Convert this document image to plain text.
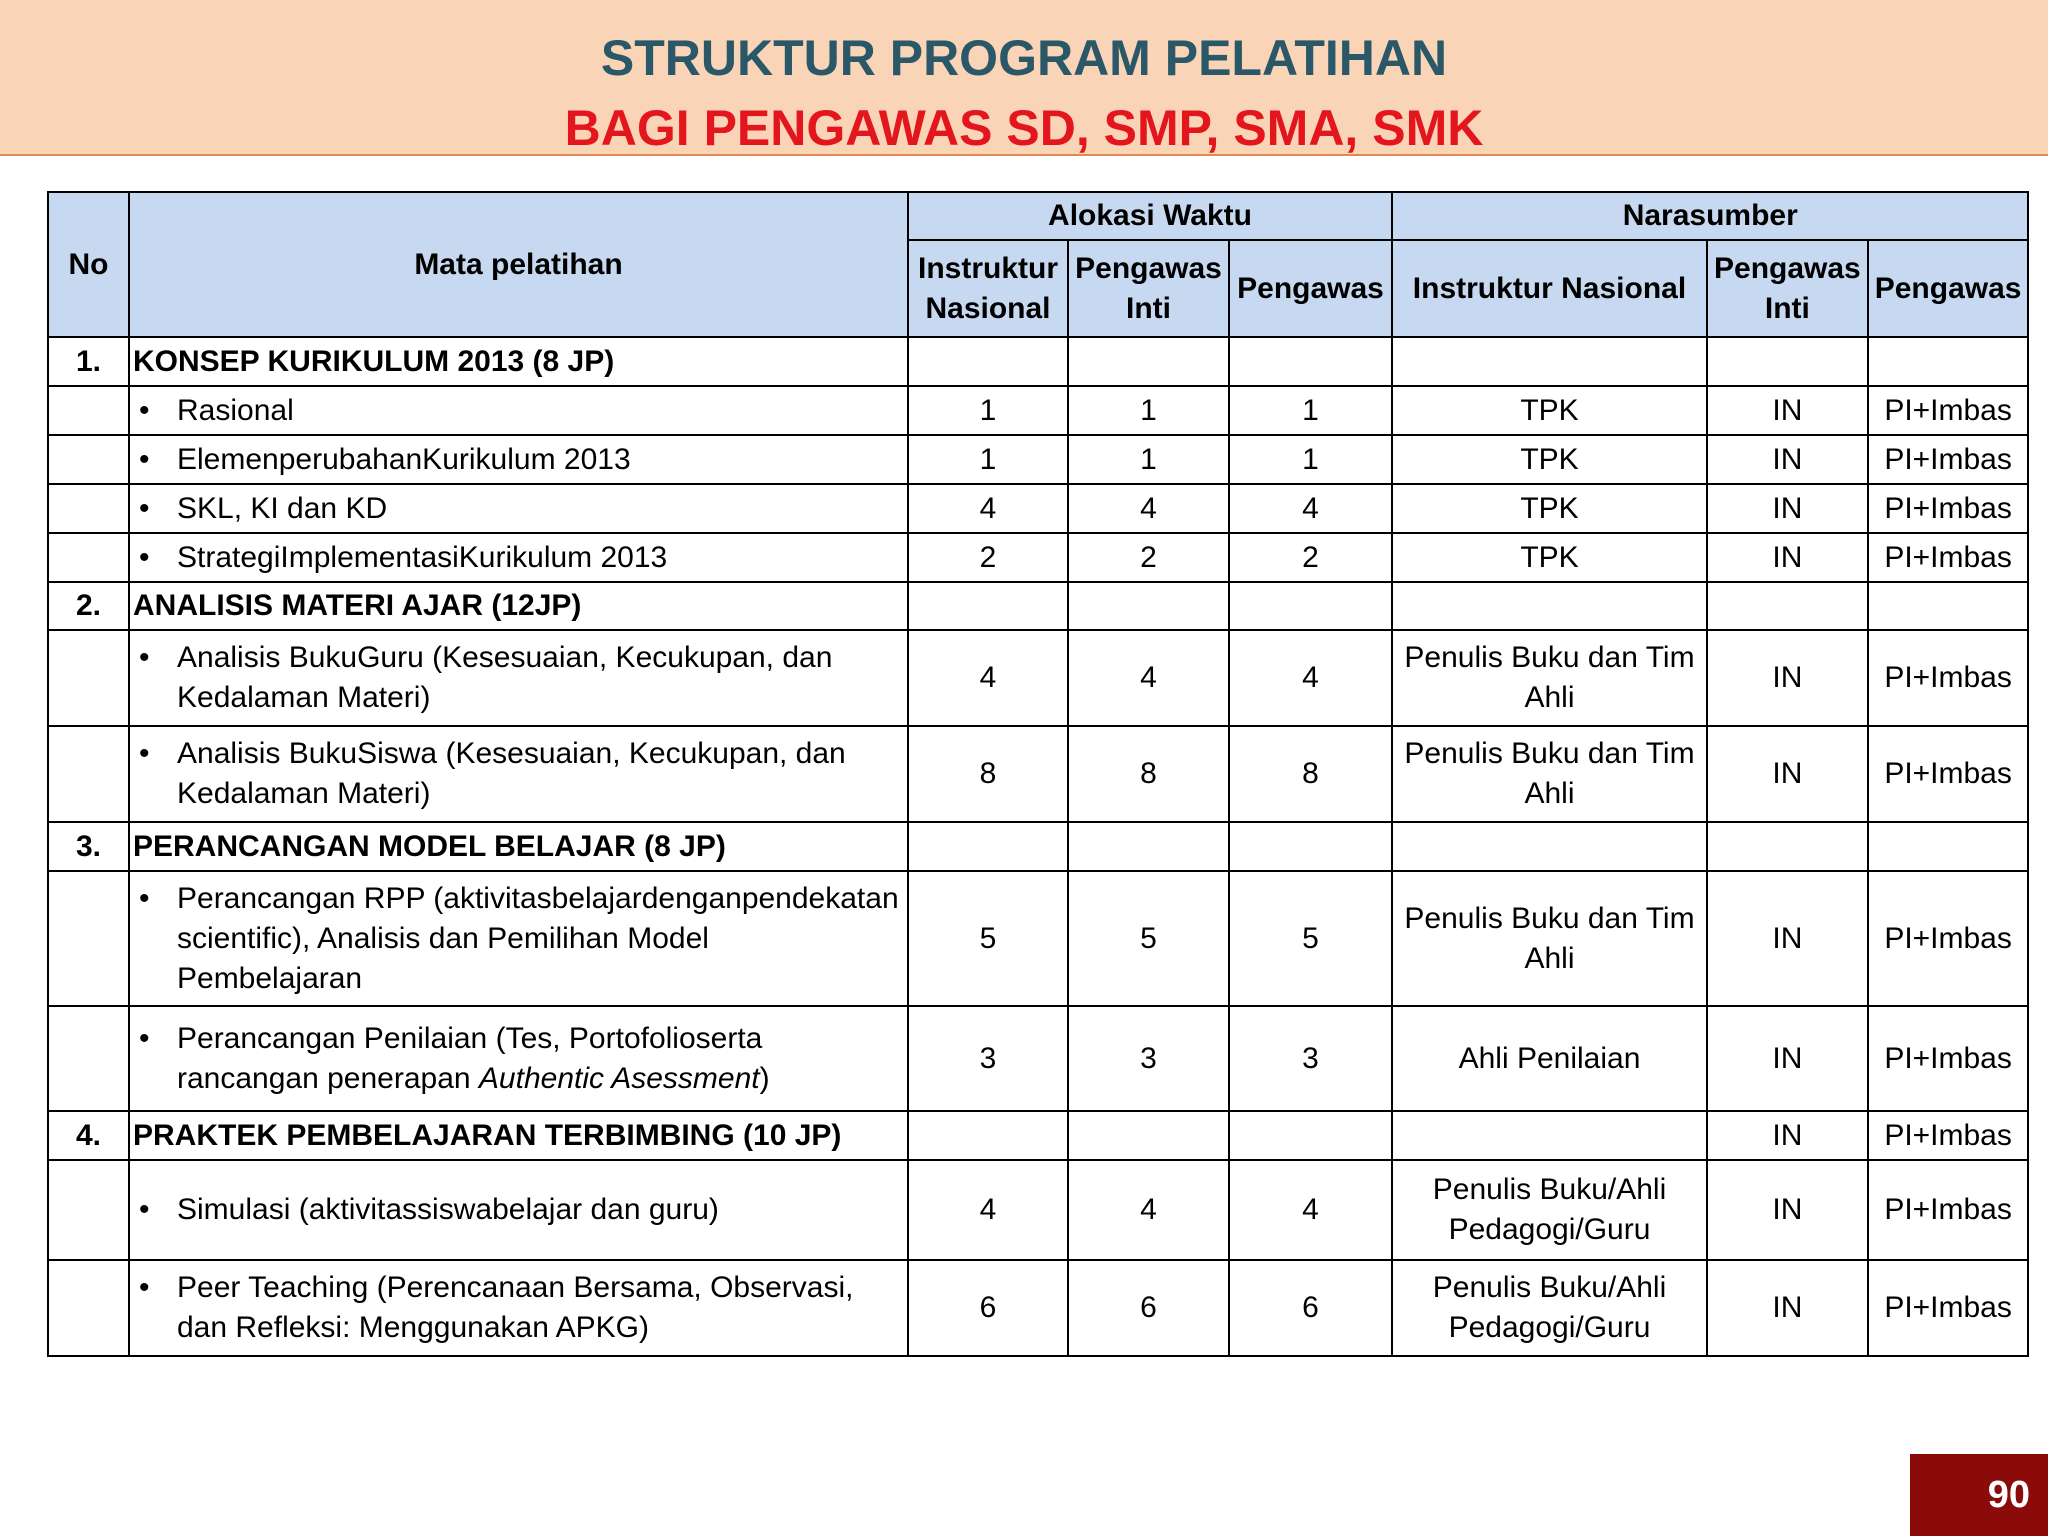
STRUKTUR PROGRAM PELATIHAN
BAGI PENGAWAS SD, SMP, SMA, SMK
No	Mata pelatihan	Alokasi Waktu			Narasumber		
		Instruktur Nasional	Pengawas Inti	Pengawas	Instruktur Nasional	Pengawas Inti	Pengawas
1.	KONSEP KURIKULUM 2013 (8 JP)						

	• Rasional	1	1	1	TPK	IN	PI+Imbas

	• ElemenperubahanKurikulum 2013	1	1	1	TPK	IN	PI+Imbas

	• SKL, KI dan KD	4	4	4	TPK	IN	PI+Imbas

	• StrategiImplementasiKurikulum 2013	2	2	2	TPK	IN	PI+Imbas
2.	ANALISIS MATERI AJAR (12JP)						

	• Analisis BukuGuru (Kesesuaian, Kecukupan, dan Kedalaman Materi)	4	4	4	Penulis Buku dan Tim Ahli	IN	PI+Imbas

	• Analisis BukuSiswa (Kesesuaian, Kecukupan, dan Kedalaman Materi)	8	8	8	Penulis Buku dan Tim Ahli	IN	PI+Imbas
3.	PERANCANGAN MODEL BELAJAR (8 JP)						

	• Perancangan RPP (aktivitasbelajardenganpendekatan scientific), Analisis dan Pemilihan Model Pembelajaran	5	5	5	Penulis Buku dan Tim Ahli	IN	PI+Imbas

	• Perancangan Penilaian (Tes, Portofolioserta rancangan penerapan Authentic Asessment)	3	3	3	Ahli Penilaian	IN	PI+Imbas
4.	PRAKTEK PEMBELAJARAN TERBIMBING (10 JP)					IN	PI+Imbas

	• Simulasi (aktivitassiswabelajar dan guru)	4	4	4	Penulis Buku/Ahli Pedagogi/Guru	IN	PI+Imbas

	• Peer Teaching (Perencanaan Bersama, Observasi, dan Refleksi: Menggunakan APKG)	6	6	6	Penulis Buku/Ahli Pedagogi/Guru	IN	PI+Imbas
90
